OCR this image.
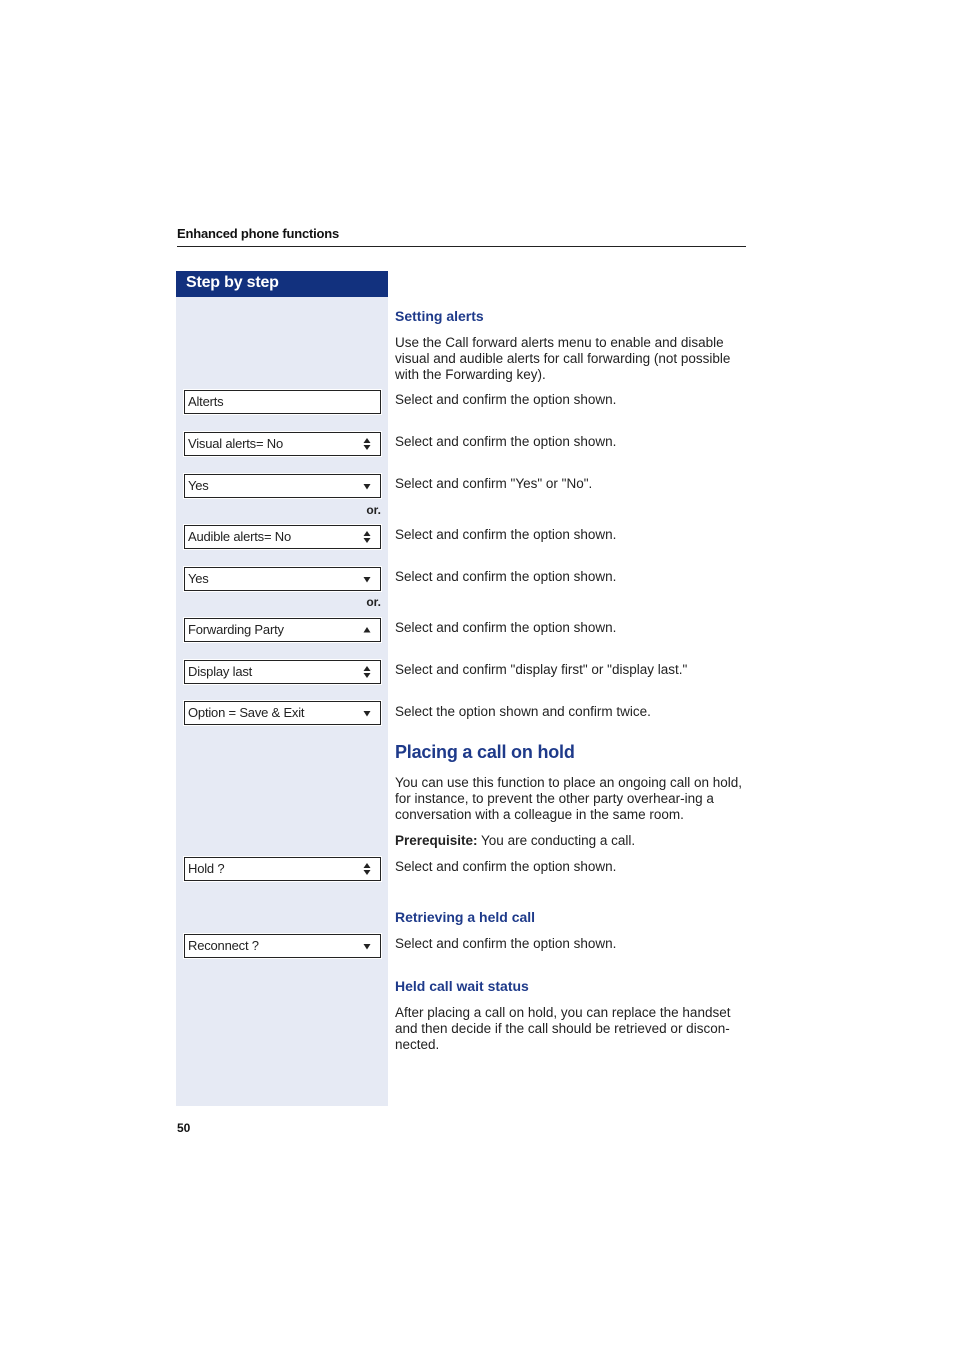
Enhanced phone functions
Step by step
Alterts
Visual alerts= No
Yes
or.
Audible alerts= No
Yes
or.
Forwarding Party
Display last
Option = Save & Exit
Hold ?
Reconnect ?
Setting alerts
Use the Call forward alerts menu to enable and disable visual and audible alerts for call forwarding (not possible with the Forwarding key).
Select and confirm the option shown.
Select and confirm the option shown.
Select and confirm "Yes" or "No".
Select and confirm the option shown.
Select and confirm the option shown.
Select and confirm the option shown.
Select and confirm "display first" or "display last."
Select the option shown and confirm twice.
Placing a call on hold
You can use this function to place an ongoing call on hold, for instance, to prevent the other party overhear-ing a conversation with a colleague in the same room.
Prerequisite: You are conducting a call.
Select and confirm the option shown.
Retrieving a held call
Select and confirm the option shown.
Held call wait status
After placing a call on hold, you can replace the handset and then decide if the call should be retrieved or discon-nected.
50
